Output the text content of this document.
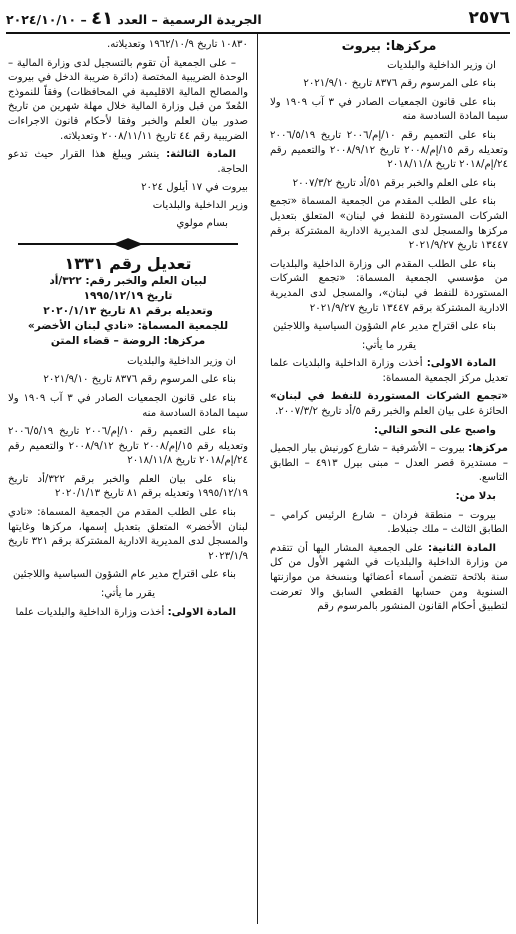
٢٥٧٦
الجريدة الرسمية – العدد ٤١ – ٢٠٢٤/١٠/١٠
مركزها: بيروت

ان وزير الداخلية والبلديات

بناء على المرسوم رقم ٨٣٧٦ تاريخ ٢٠٢١/٩/١٠

بناء على قانون الجمعيات الصادر في ٣ آب ١٩٠٩ ولا سيما المادة السادسة منه

بناء على التعميم رقم ١٠/إم/٢٠٠٦ تاريخ ٢٠٠٦/٥/١٩ وتعديله رقم ١٥/إم/٢٠٠٨ تاريخ ٢٠٠٨/٩/١٢ والتعميم رقم ٢٤/إم/٢٠١٨ تاريخ ٢٠١٨/١١/٨

بناء على العلم والخبر برقم ٥١/أد تاريخ ٢٠٠٧/٣/٢

بناء على الطلب المقدم من الجمعية المسماة «تجمع الشركات المستوردة للنفط في لبنان» المتعلق بتعديل مركزها والمسجل لدى المديرية الادارية المشتركة برقم ١٣٤٤٧ تاريخ ٢٠٢١/٩/٢٧

بناء على الطلب المقدم الى وزارة الداخلية والبلديات من مؤسسي الجمعية المسماة: «تجمع الشركات المستوردة للنفط في لبنان»، والمسجل لدى المديرية الادارية المشتركة برقم ١٣٤٤٧ تاريخ ٢٠٢١/٩/٢٧

بناء على اقتراح مدير عام الشؤون السياسية واللاجئين

يقرر ما يأتي:

المادة الاولى: أخذت وزارة الداخلية والبلديات علما تعديل مركز الجمعية المسماة:

«تجمع الشركات المستوردة للنفط في لبنان» الحائزة على بيان العلم والخبر رقم ٥/أد تاريخ ٢٠٠٧/٣/٢.

واصبح على النحو التالي:

مركزها: بيروت – الأشرفية – شارع كورنيش بيار الجميل – مستديرة قصر العدل – مبنى بيرل ٤٩١٣ – الطابق التاسع.

بدلا من:

بيروت – منطقة فردان – شارع الرئيس كرامي – الطابق الثالث – ملك جنبلاط.

المادة الثانية: على الجمعية المشار اليها أن تتقدم من وزارة الداخلية والبلديات في الشهر الأول من كل سنة بلائحة تتضمن أسماء أعضائها وبنسخة من موازنتها السنوية ومن حسابها القطعي السابق والا تعرضت لتطبيق أحكام القانون المنشور بالمرسوم رقم

١٠٨٣٠ تاريخ ١٩٦٢/١٠/٩ وتعديلاته.

– على الجمعية أن تقوم بالتسجيل لدى وزارة المالية – الوحدة الضريبية المختصة (دائرة ضريبة الدخل في بيروت والمصالح المالية الاقليمية في المحافظات) وفقاً للنموذج المُعدّ من قبل وزارة المالية خلال مهلة شهرين من تاريخ صدور بيان العلم والخبر وفقا لأحكام قانون الاجراءات الضريبية رقم ٤٤ تاريخ ٢٠٠٨/١١/١١ وتعديلاته.

المادة الثالثة: ينشر ويبلغ هذا القرار حيث تدعو الحاجة.

بيروت في ١٧ أيلول ٢٠٢٤

وزير الداخلية والبلديات

بسام مولوي

تعديل رقم ١٣٣١

لبيان العلم والخبر رقم: ٣٢٢/أد

تاريخ ١٩٩٥/١٢/١٩

وتعديله برقم ٨١ تاريخ ٢٠٢٠/١/١٣

للجمعية المسماة: «نادي لبنان الأخضر»

مركزها: الروضة – قضاء المتن

ان وزير الداخلية والبلديات

بناء على المرسوم رقم ٨٣٧٦ تاريخ ٢٠٢١/٩/١٠

بناء على قانون الجمعيات الصادر في ٣ آب ١٩٠٩ ولا سيما المادة السادسة منه

بناء على التعميم رقم ١٠/إم/٢٠٠٦ تاريخ ٢٠٠٦/٥/١٩ وتعديله رقم ١٥/إم/٢٠٠٨ تاريخ ٢٠٠٨/٩/١٢ والتعميم رقم ٢٤/إم/٢٠١٨ تاريخ ٢٠١٨/١١/٨

بناء على بيان العلم والخبر برقم ٣٢٢/أد تاريخ ١٩٩٥/١٢/١٩ وتعديله برقم ٨١ تاريخ ٢٠٢٠/١/١٣

بناء على الطلب المقدم من الجمعية المسماة: «نادي لبنان الأخضر» المتعلق بتعديل إسمها، مركزها وغايتها والمسجل لدى المديرية الادارية المشتركة برقم ٣٢١ تاريخ ٢٠٢٣/١/٩

بناء على اقتراح مدير عام الشؤون السياسية واللاجئين

يقرر ما يأتي:

المادة الاولى: أخذت وزارة الداخلية والبلديات علما
